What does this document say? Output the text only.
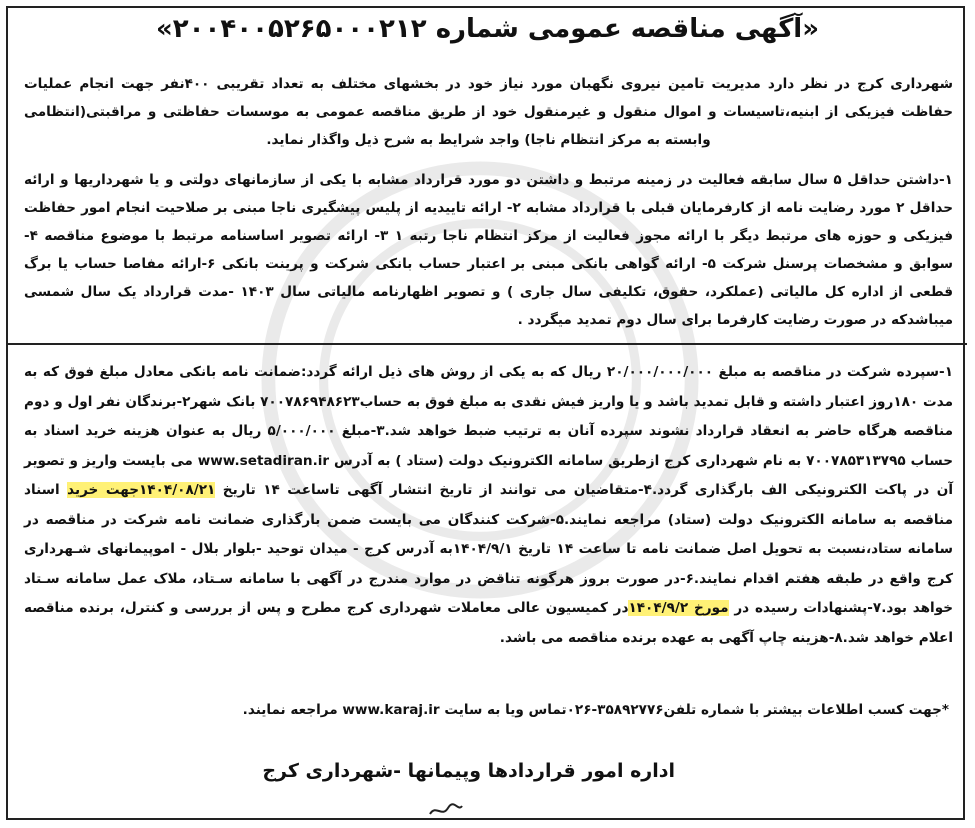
«آگهی مناقصه عمومی شماره ۲۰۰۴۰۰۵۲۶۵۰۰۰۲۱۲»

شهرداری کرج در نظر دارد مدیریت تامین نیروی نگهبان مورد نیاز خود در بخشهای مختلف به تعداد تقریبی ۴۰۰نفر جهت انجام عملیات حفاظت فیزیکی از ابنیه،تاسیسات و اموال منقول و غیرمنقول خود از طریق مناقصه عمومی به موسسات حفاظتی و مراقبتی(انتظامی وابسته به مرکز انتظام ناجا) واجد شرایط به شرح ذیل واگذار نماید.

۱-داشتن حداقل ۵ سال سابقه فعالیت در زمینه مرتبط و داشتن دو مورد قرارداد مشابه با یکی از سازمانهای دولتی و یا شهرداریها و ارائه حداقل ۲ مورد رضایت نامه از کارفرمایان قبلی با قرارداد مشابه ۲- ارائه تاییدیه از پلیس پیشگیری ناجا مبنی بر صلاحیت انجام امور حفاظت فیزیکی و حوزه های مرتبط دیگر با ارائه مجوز فعالیت از مرکز انتظام ناجا رتبه ۱ ۳- ارائه تصویر اساسنامه مرتبط با موضوع مناقصه ۴- سوابق و مشخصات پرسنل شرکت ۵- ارائه گواهی بانکی مبنی بر اعتبار حساب بانکی شرکت و پرینت بانکی ۶-ارائه مفاصا حساب یا برگ قطعی از اداره کل مالیاتی (عملکرد، حقوق، تکلیفی سال جاری ) و تصویر اظهارنامه مالیاتی سال ۱۴۰۳ -مدت قرارداد یک سال شمسی میباشدکه در صورت رضایت کارفرما برای سال دوم تمدید میگردد .

۱-سپرده شرکت در مناقصه به مبلغ ۲۰/۰۰۰/۰۰۰/۰۰۰ ریال که به یکی از روش های ذیل ارائه گردد:ضمانت نامه بانکی معادل مبلغ فوق که به مدت ۱۸۰روز اعتبار داشته و قابل تمدید باشد و یا واریز فیش نقدی به مبلغ فوق به حساب۷۰۰۷۸۶۹۴۸۶۲۳ بانک شهر۲-برندگان نفر اول و دوم مناقصه هرگاه حاضر به انعقاد قرارداد نشوند سپرده آنان به ترتیب ضبط خواهد شد.۳-مبلغ ۵/۰۰۰/۰۰۰ ریال به عنوان هزینه خرید اسناد به حساب ۷۰۰۷۸۵۳۱۳۷۹۵ به نام شهرداری کرج ازطریق سامانه الکترونیک دولت (ستاد ) به آدرس www.setadiran.ir می بایست واریز و تصویر آن در پاکت الکترونیکی الف بارگذاری گردد.۴-متقاضیان می توانند از تاریخ انتشار آگهی تاساعت ۱۴ تاریخ ۱۴۰۴/۰۸/۲۱جهت خرید اسناد مناقصه به سامانه الکترونیک دولت (ستاد) مراجعه نمایند.۵-شرکت کنندگان می بایست ضمن بارگذاری ضمانت نامه شرکت در مناقصه در سامانه ستاد،نسبت به تحویل اصل ضمانت نامه تا ساعت ۱۴ تاریخ ۱۴۰۴/۹/۱به آدرس کرج - میدان توحید -بلوار بلال - اموپیمانهای شـهرداری کرج واقع در طبقه هفتم اقدام نمایند.۶-در صورت بروز هرگونه تناقض در موارد مندرج در آگهی با سامانه سـتاد، ملاک عمل سامانه سـتاد خواهد بود.۷-پشنهادات رسیده در مورخ ۱۴۰۴/۹/۲در کمیسیون عالی معاملات شهرداری کرج مطرح و پس از بررسی و کنترل، برنده مناقصه اعلام خواهد شد.۸-هزینه چاپ آگهی به عهده برنده مناقصه می باشد.

*جهت کسب اطلاعات بیشتر با شماره تلفن۳۵۸۹۲۷۷۶-۰۲۶تماس ویا به سایت www.karaj.ir مراجعه نمایند.
اداره امور قراردادها وپیمانها -شهرداری کرج
